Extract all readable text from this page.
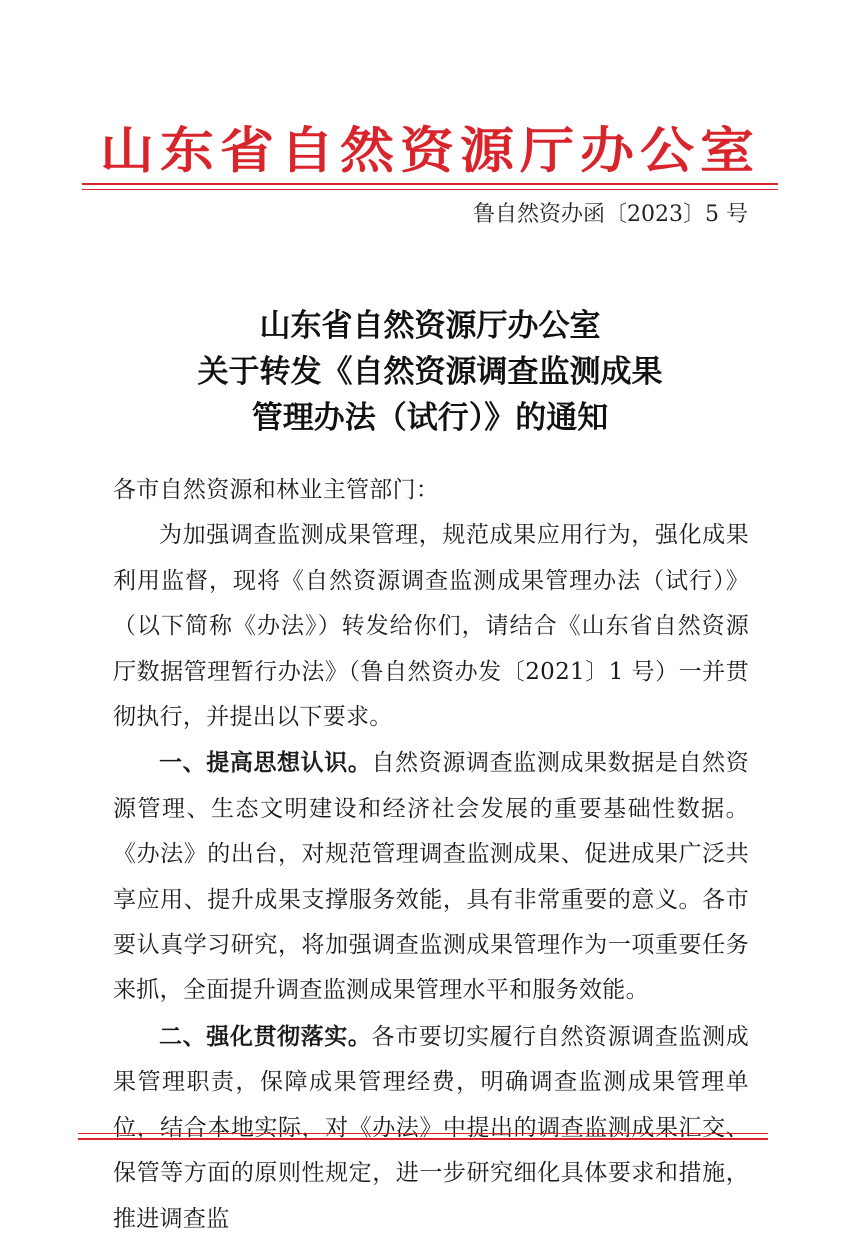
山东省自然资源厅办公室
鲁自然资办函〔2023〕5 号
山东省自然资源厅办公室
关于转发《自然资源调查监测成果
管理办法（试行）》的通知

各市自然资源和林业主管部门：

为加强调查监测成果管理，规范成果应用行为，强化成果利用监督，现将《自然资源调查监测成果管理办法（试行）》（以下简称《办法》）转发给你们，请结合《山东省自然资源厅数据管理暂行办法》（鲁自然资办发〔2021〕1 号）一并贯彻执行，并提出以下要求。

一、提高思想认识。自然资源调查监测成果数据是自然资源管理、生态文明建设和经济社会发展的重要基础性数据。《办法》的出台，对规范管理调查监测成果、促进成果广泛共享应用、提升成果支撑服务效能，具有非常重要的意义。各市要认真学习研究，将加强调查监测成果管理作为一项重要任务来抓，全面提升调查监测成果管理水平和服务效能。

二、强化贯彻落实。各市要切实履行自然资源调查监测成果管理职责，保障成果管理经费，明确调查监测成果管理单位，结合本地实际，对《办法》中提出的调查监测成果汇交、保管等方面的原则性规定，进一步研究细化具体要求和措施，推进调查监
